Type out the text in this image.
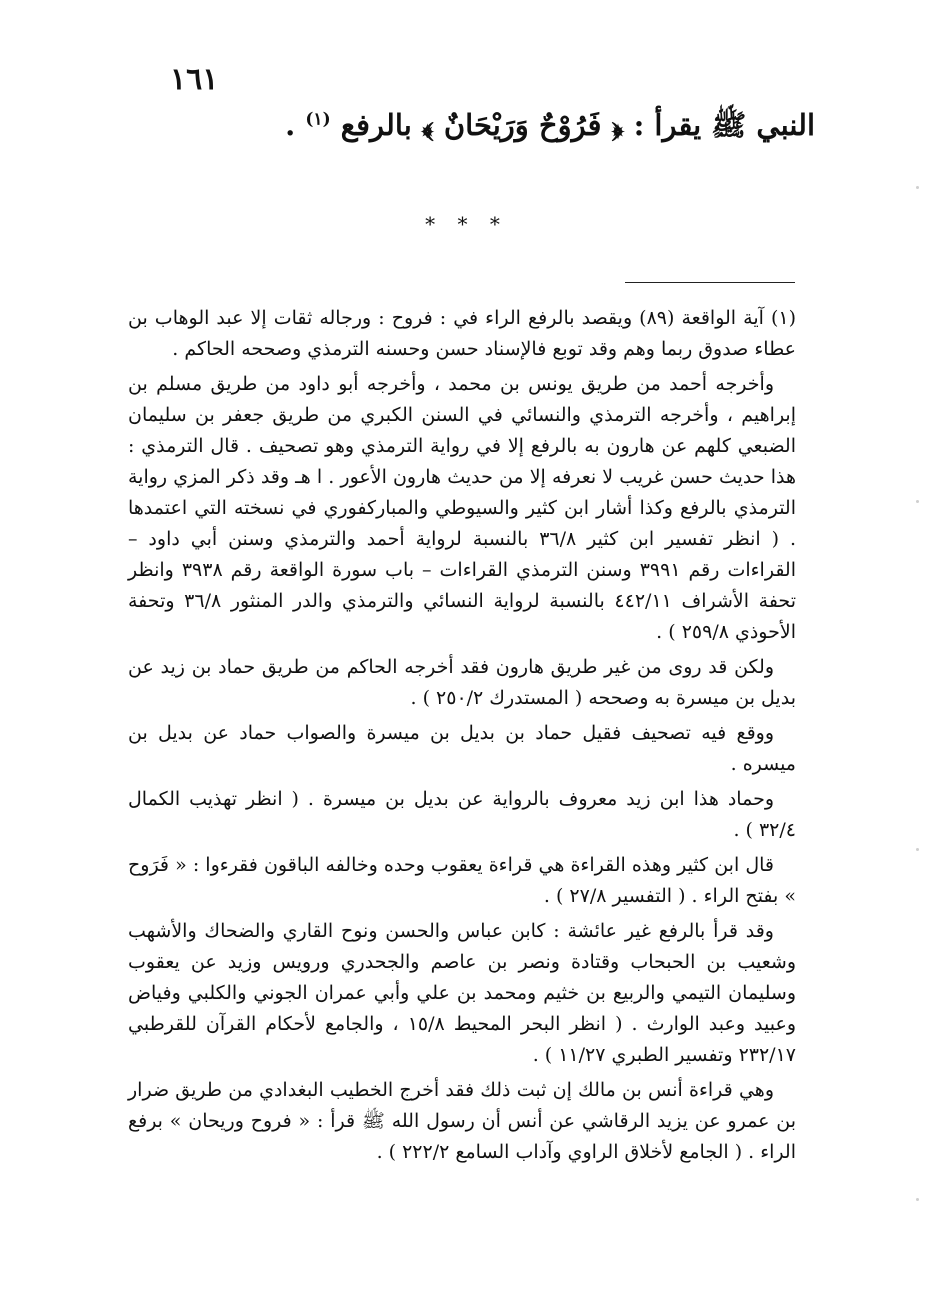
١٦١
النبي ﷺ يقرأ : ﴿ فَرُوْحٌ وَرَيْحَانٌ ﴾ بالرفع $^{(١)}$ .
* * *

(١) آية الواقعة (٨٩) ويقصد بالرفع الراء في : فروح : ورجاله ثقات إلا عبد الوهاب بن عطاء صدوق ربما وهم وقد توبع فالإسناد حسن وحسنه الترمذي وصححه الحاكم .

وأخرجه أحمد من طريق يونس بن محمد ، وأخرجه أبو داود من طريق مسلم بن إبراهيم ، وأخرجه الترمذي والنسائي في السنن الكبري من طريق جعفر بن سليمان الضبعي كلهم عن هارون به بالرفع إلا في رواية الترمذي وهو تصحيف . قال الترمذي : هذا حديث حسن غريب لا نعرفه إلا من حديث هارون الأعور . ا هـ وقد ذكر المزي رواية الترمذي بالرفع وكذا أشار ابن كثير والسيوطي والمباركفوري في نسخته التي اعتمدها . ( انظر تفسير ابن كثير ٣٦/٨ بالنسبة لرواية أحمد والترمذي وسنن أبي داود – القراءات رقم ٣٩٩١ وسنن الترمذي القراءات – باب سورة الواقعة رقم ٣٩٣٨ وانظر تحفة الأشراف ٤٤٢/١١ بالنسبة لرواية النسائي والترمذي والدر المنثور ٣٦/٨ وتحفة الأحوذي ٢٥٩/٨ ) .

ولكن قد روى من غير طريق هارون فقد أخرجه الحاكم من طريق حماد بن زيد عن بديل بن ميسرة به وصححه ( المستدرك ٢٥٠/٢ ) .

ووقع فيه تصحيف فقيل حماد بن بديل بن ميسرة والصواب حماد عن بديل بن ميسره .

وحماد هذا ابن زيد معروف بالرواية عن بديل بن ميسرة . ( انظر تهذيب الكمال ٣٢/٤ ) .

قال ابن كثير وهذه القراءة هي قراءة يعقوب وحده وخالفه الباقون فقرءوا : « فَرَوح » بفتح الراء . ( التفسير ٢٧/٨ ) .

وقد قرأ بالرفع غير عائشة : كابن عباس والحسن ونوح القاري والضحاك والأشهب وشعيب بن الحبحاب وقتادة ونصر بن عاصم والجحدري ورويس وزيد عن يعقوب وسليمان التيمي والربيع بن خثيم ومحمد بن علي وأبي عمران الجوني والكلبي وفياض وعبيد وعبد الوارث . ( انظر البحر المحيط ١٥/٨ ، والجامع لأحكام القرآن للقرطبي ٢٣٢/١٧ وتفسير الطبري ١١/٢٧ ) .

وهي قراءة أنس بن مالك إن ثبت ذلك فقد أخرج الخطيب البغدادي من طريق ضرار بن عمرو عن يزيد الرقاشي عن أنس أن رسول الله ﷺ قرأ : « فروح وريحان » برفع الراء . ( الجامع لأخلاق الراوي وآداب السامع ٢٢٢/٢ ) .
